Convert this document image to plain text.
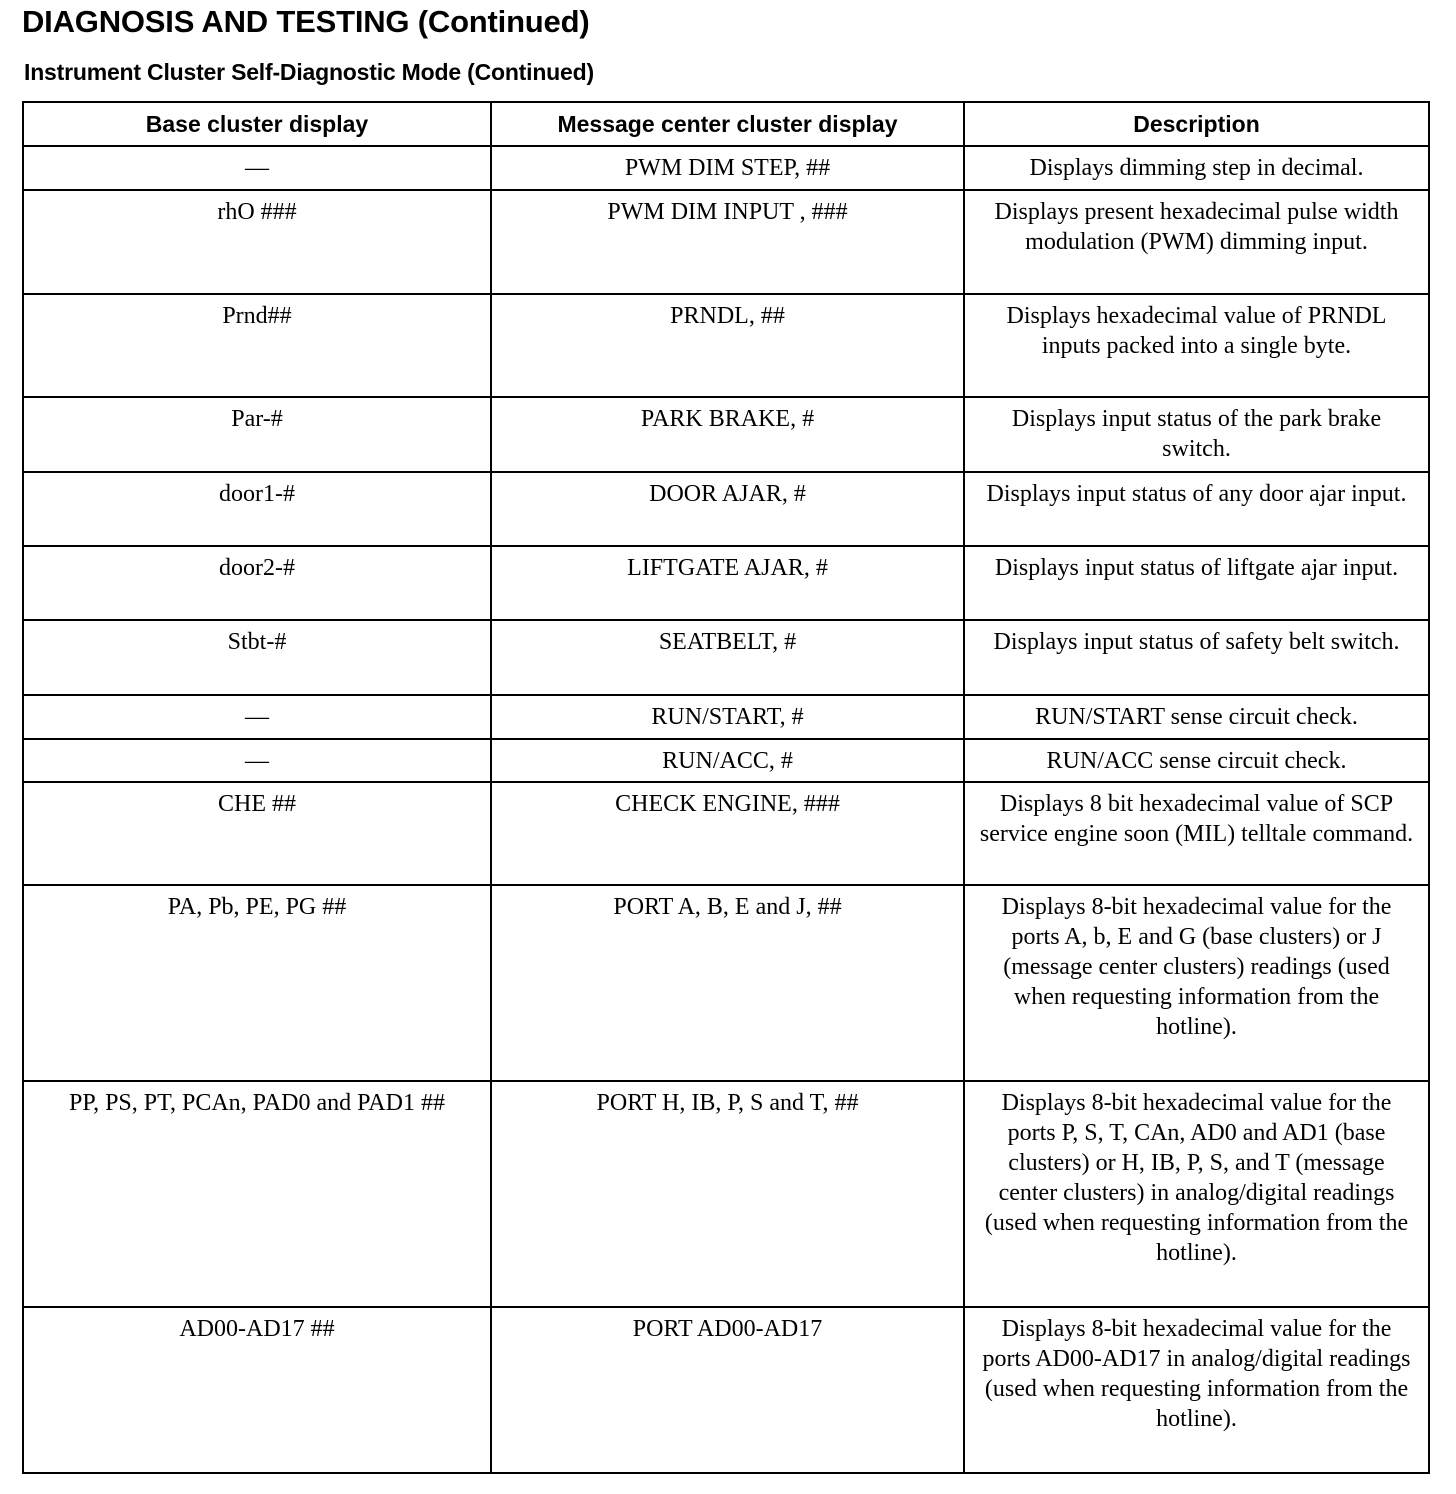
DIAGNOSIS AND TESTING (Continued)
Instrument Cluster Self-Diagnostic Mode (Continued)
Base cluster display	Message center cluster display	Description
—	PWM DIM STEP, ##	Displays dimming step in decimal.
rhO ###	PWM DIM INPUT , ###	Displays present hexadecimal pulse width modulation (PWM) dimming input.
Prnd##	PRNDL, ##	Displays hexadecimal value of PRNDL inputs packed into a single byte.
Par-#	PARK BRAKE, #	Displays input status of the park brake switch.
door1-#	DOOR AJAR, #	Displays input status of any door ajar input.
door2-#	LIFTGATE AJAR, #	Displays input status of liftgate ajar input.
Stbt-#	SEATBELT, #	Displays input status of safety belt switch.
—	RUN/START, #	RUN/START sense circuit check.
—	RUN/ACC, #	RUN/ACC sense circuit check.
CHE ##	CHECK ENGINE, ###	Displays 8 bit hexadecimal value of SCP service engine soon (MIL) telltale command.
PA, Pb, PE, PG ##	PORT A, B, E and J, ##	Displays 8-bit hexadecimal value for the ports A, b, E and G (base clusters) or J (message center clusters) readings (used when requesting information from the hotline).
PP, PS, PT, PCAn, PAD0 and PAD1 ##	PORT H, IB, P, S and T, ##	Displays 8-bit hexadecimal value for the ports P, S, T, CAn, AD0 and AD1 (base clusters) or H, IB, P, S, and T (message center clusters) in analog/digital readings (used when requesting information from the hotline).
AD00-AD17 ##	PORT AD00-AD17	Displays 8-bit hexadecimal value for the ports AD00-AD17 in analog/digital readings (used when requesting information from the hotline).
